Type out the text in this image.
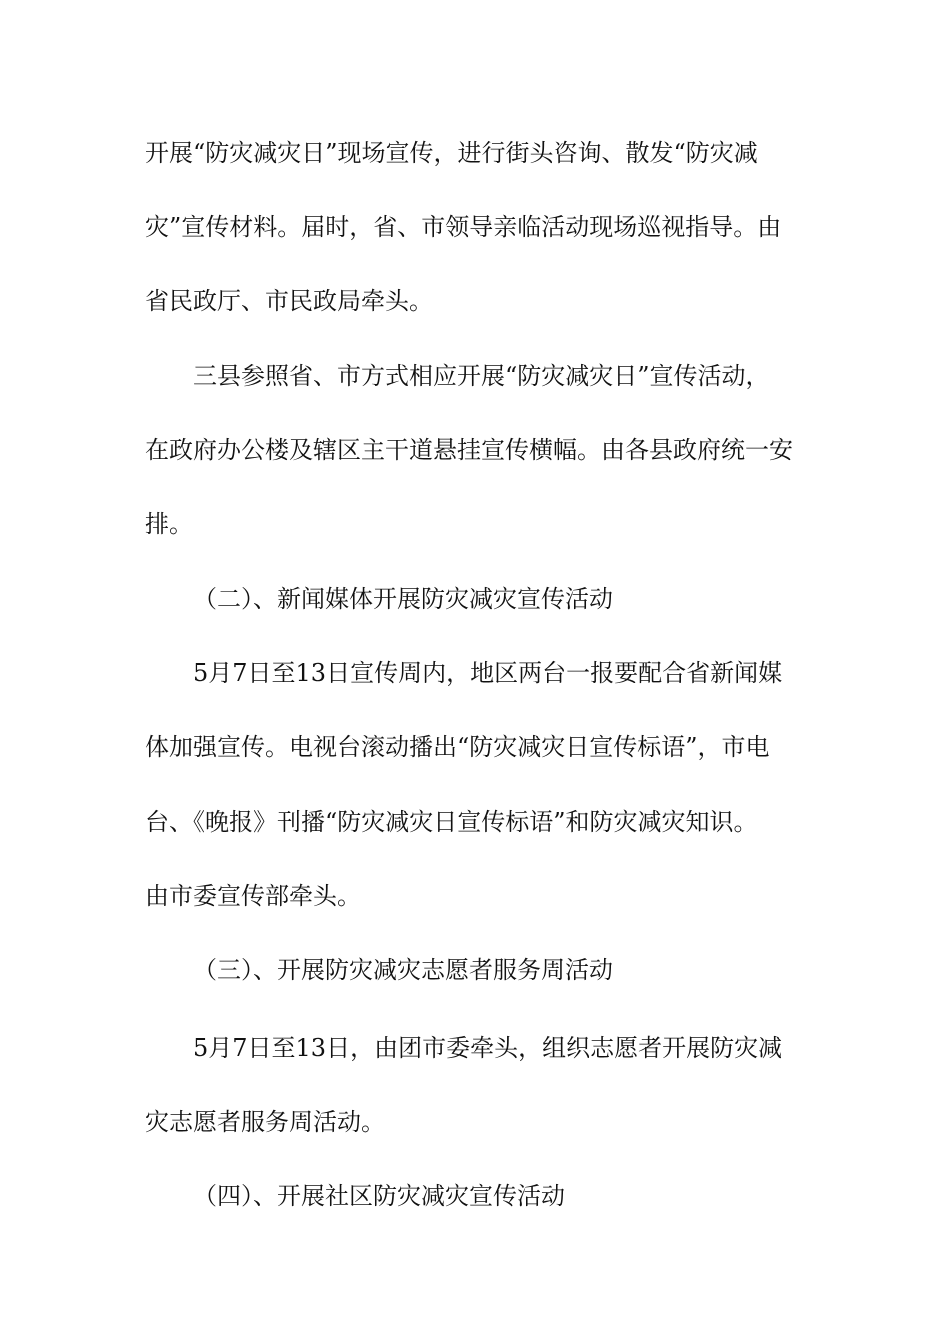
开展“防灾减灾日”现场宣传，进行街头咨询、散发“防灾减
灾”宣传材料。届时，省、市领导亲临活动现场巡视指导。由
省民政厅、市民政局牵头。
三县参照省、市方式相应开展“防灾减灾日”宣传活动，
在政府办公楼及辖区主干道悬挂宣传横幅。由各县政府统一安
排。
（二）、新闻媒体开展防灾减灾宣传活动
5月7日至13日宣传周内，地区两台一报要配合省新闻媒
体加强宣传。电视台滚动播出“防灾减灾日宣传标语”，市电
台、《晚报》刊播“防灾减灾日宣传标语”和防灾减灾知识。
由市委宣传部牵头。
（三）、开展防灾减灾志愿者服务周活动
5月7日至13日，由团市委牵头，组织志愿者开展防灾减
灾志愿者服务周活动。
（四）、开展社区防灾减灾宣传活动
